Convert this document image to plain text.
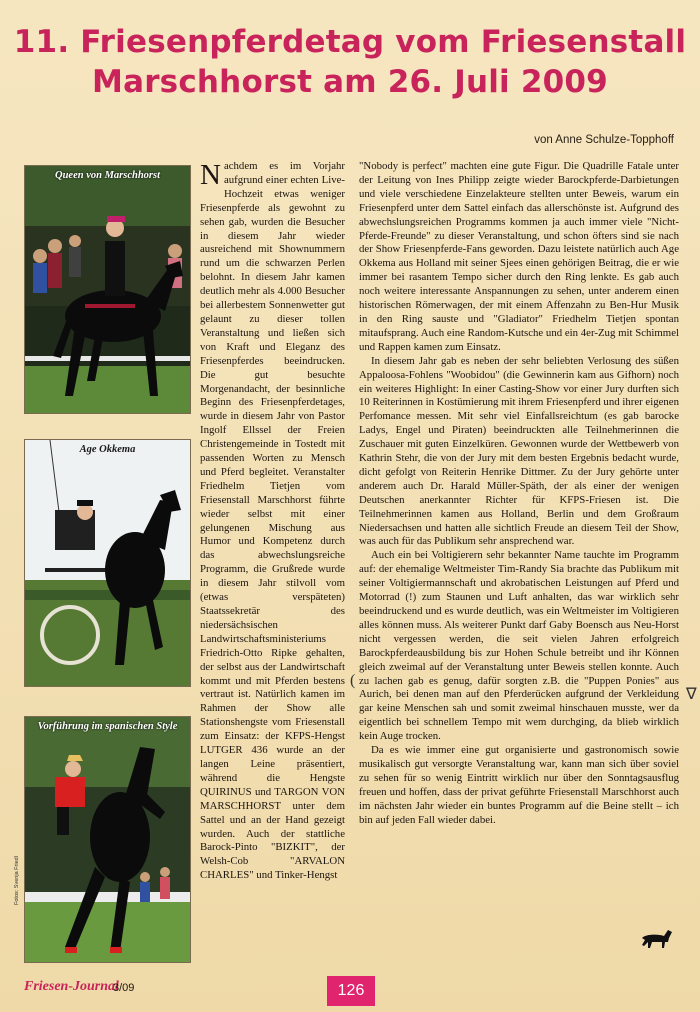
11. Friesenpferdetag vom Friesenstall
Marschhorst am 26. Juli 2009
von Anne Schulze-Topphoff
Queen von Marschhorst
Age Okkema
Vorführung im spanischen Style
Fotos: Svenja Friedl

Nachdem es im Vorjahr aufgrund einer echten Live-Hochzeit etwas weniger Friesenpferde als gewohnt zu sehen gab, wurden die Besucher in diesem Jahr wieder ausreichend mit Shownummern rund um die schwarzen Perlen belohnt. In diesem Jahr kamen deutlich mehr als 4.000 Besucher bei allerbestem Sonnenwetter gut gelaunt zu dieser tollen Veranstaltung und ließen sich von Kraft und Eleganz des Friesenpferdes beeindrucken. Die gut besuchte Morgenandacht, der besinnliche Beginn des Friesenpferdetages, wurde in diesem Jahr von Pastor Ingolf Ellssel der Freien Christengemeinde in Tostedt mit passenden Worten zu Mensch und Pferd begleitet. Veranstalter Friedhelm Tietjen vom Friesenstall Marschhorst führte wieder selbst mit einer gelungenen Mischung aus Humor und Kompetenz durch das abwechslungsreiche Programm, die Grußrede wurde in diesem Jahr stilvoll vom (etwas verspäteten) Staatssekretär des niedersächsischen Landwirtschaftsministeriums Friedrich-Otto Ripke gehalten, der selbst aus der Landwirtschaft kommt und mit Pferden bestens vertraut ist. Natürlich kamen im Rahmen der Show alle Stationshengste vom Friesenstall zum Einsatz: der KFPS-Hengst LUTGER 436 wurde an der langen Leine präsentiert, während die Hengste QUIRINUS und TARGON VON MARSCHHORST unter dem Sattel und an der Hand gezeigt wurden. Auch der stattliche Barock-Pinto "BIZKIT", der Welsh-Cob "ARVALON CHARLES" und Tinker-Hengst

"Nobody is perfect" machten eine gute Figur. Die Quadrille Fatale unter der Leitung von Ines Philipp zeigte wieder Barockpferde-Darbietungen und viele verschiedene Einzelakteure stellten unter Beweis, warum ein Friesenpferd unter dem Sattel einfach das allerschönste ist. Aufgrund des abwechslungsreichen Programms kommen ja auch immer viele "Nicht-Pferde-Freunde" zu dieser Veranstaltung, und schon öfters sind sie nach der Show Friesenpferde-Fans geworden. Dazu leistete natürlich auch Age Okkema aus Holland mit seiner Sjees einen gehörigen Beitrag, die er wie immer bei rasantem Tempo sicher durch den Ring lenkte. Es gab auch noch weitere interessante Anspannungen zu sehen, unter anderem einen historischen Römerwagen, der mit einem Affenzahn zu Ben-Hur Musik in den Ring sauste und "Gladiator" Friedhelm Tietjen spontan mitaufsprang. Auch eine Random-Kutsche und ein 4er-Zug mit Schimmel und Rappen kamen zum Einsatz.

In diesem Jahr gab es neben der sehr beliebten Verlosung des süßen Appaloosa-Fohlens "Woobidou" (die Gewinnerin kam aus Gifhorn) noch ein weiteres Highlight: In einer Casting-Show vor einer Jury durften sich 10 Reiterinnen in Kostümierung mit ihrem Friesenpferd und ihrer eigenen Perfomance messen. Mit sehr viel Einfallsreichtum (es gab barocke Ladys, Engel und Piraten) beeindruckten alle Teilnehmerinnen die Zuschauer mit guten Einzelküren. Gewonnen wurde der Wettbewerb von Kathrin Stehr, die von der Jury mit dem besten Ergebnis bedacht wurde, dicht gefolgt von Reiterin Henrike Dittmer. Zu der Jury gehörte unter anderem auch Dr. Harald Müller-Späth, der als einer der wenigen Deutschen anerkannter Richter für KFPS-Friesen ist. Die Teilnehmerinnen kamen aus Holland, Berlin und dem Großraum Niedersachsen und hatten alle sichtlich Freude an diesem Teil der Show, was auch für das Publikum sehr ansprechend war.

Auch ein bei Voltigierern sehr bekannter Name tauchte im Programm auf: der ehemalige Weltmeister Tim-Randy Sia brachte das Publikum mit seiner Voltigiermannschaft und akrobatischen Leistungen auf Pferd und Motorrad (!) zum Staunen und Luft anhalten, das war wirklich sehr beeindruckend und es wurde deutlich, was ein Weltmeister im Voltigieren alles können muss. Als weiterer Punkt darf Gaby Boensch aus Neu-Horst nicht vergessen werden, die seit vielen Jahren erfolgreich Barockpferdeausbildung bis zur Hohen Schule betreibt und ihr Können gleich zweimal auf der Veranstaltung unter Beweis stellen konnte. Auch zu lachen gab es genug, dafür sorgten z.B. die "Puppen Ponies" aus Aurich, bei denen man auf den Pferderücken aufgrund der Verkleidung gar keine Menschen sah und somit zweimal hinschauen musste, wer da eigentlich bei schnellem Tempo mit wem durchging, da blieb wirklich kein Auge trocken.

Da es wie immer eine gut organisierte und gastronomisch sowie musikalisch gut versorgte Veranstaltung war, kann man sich über soviel zu sehen für so wenig Eintritt wirklich nur über den Sonntagsausflug freuen und hoffen, dass der privat geführte Friesenstall Marschhorst auch im nächsten Jahr wieder ein buntes Programm auf die Beine stellt – ich bin auf jeden Fall wieder dabei.

(
∇
Friesen-Journal
3/09	126
